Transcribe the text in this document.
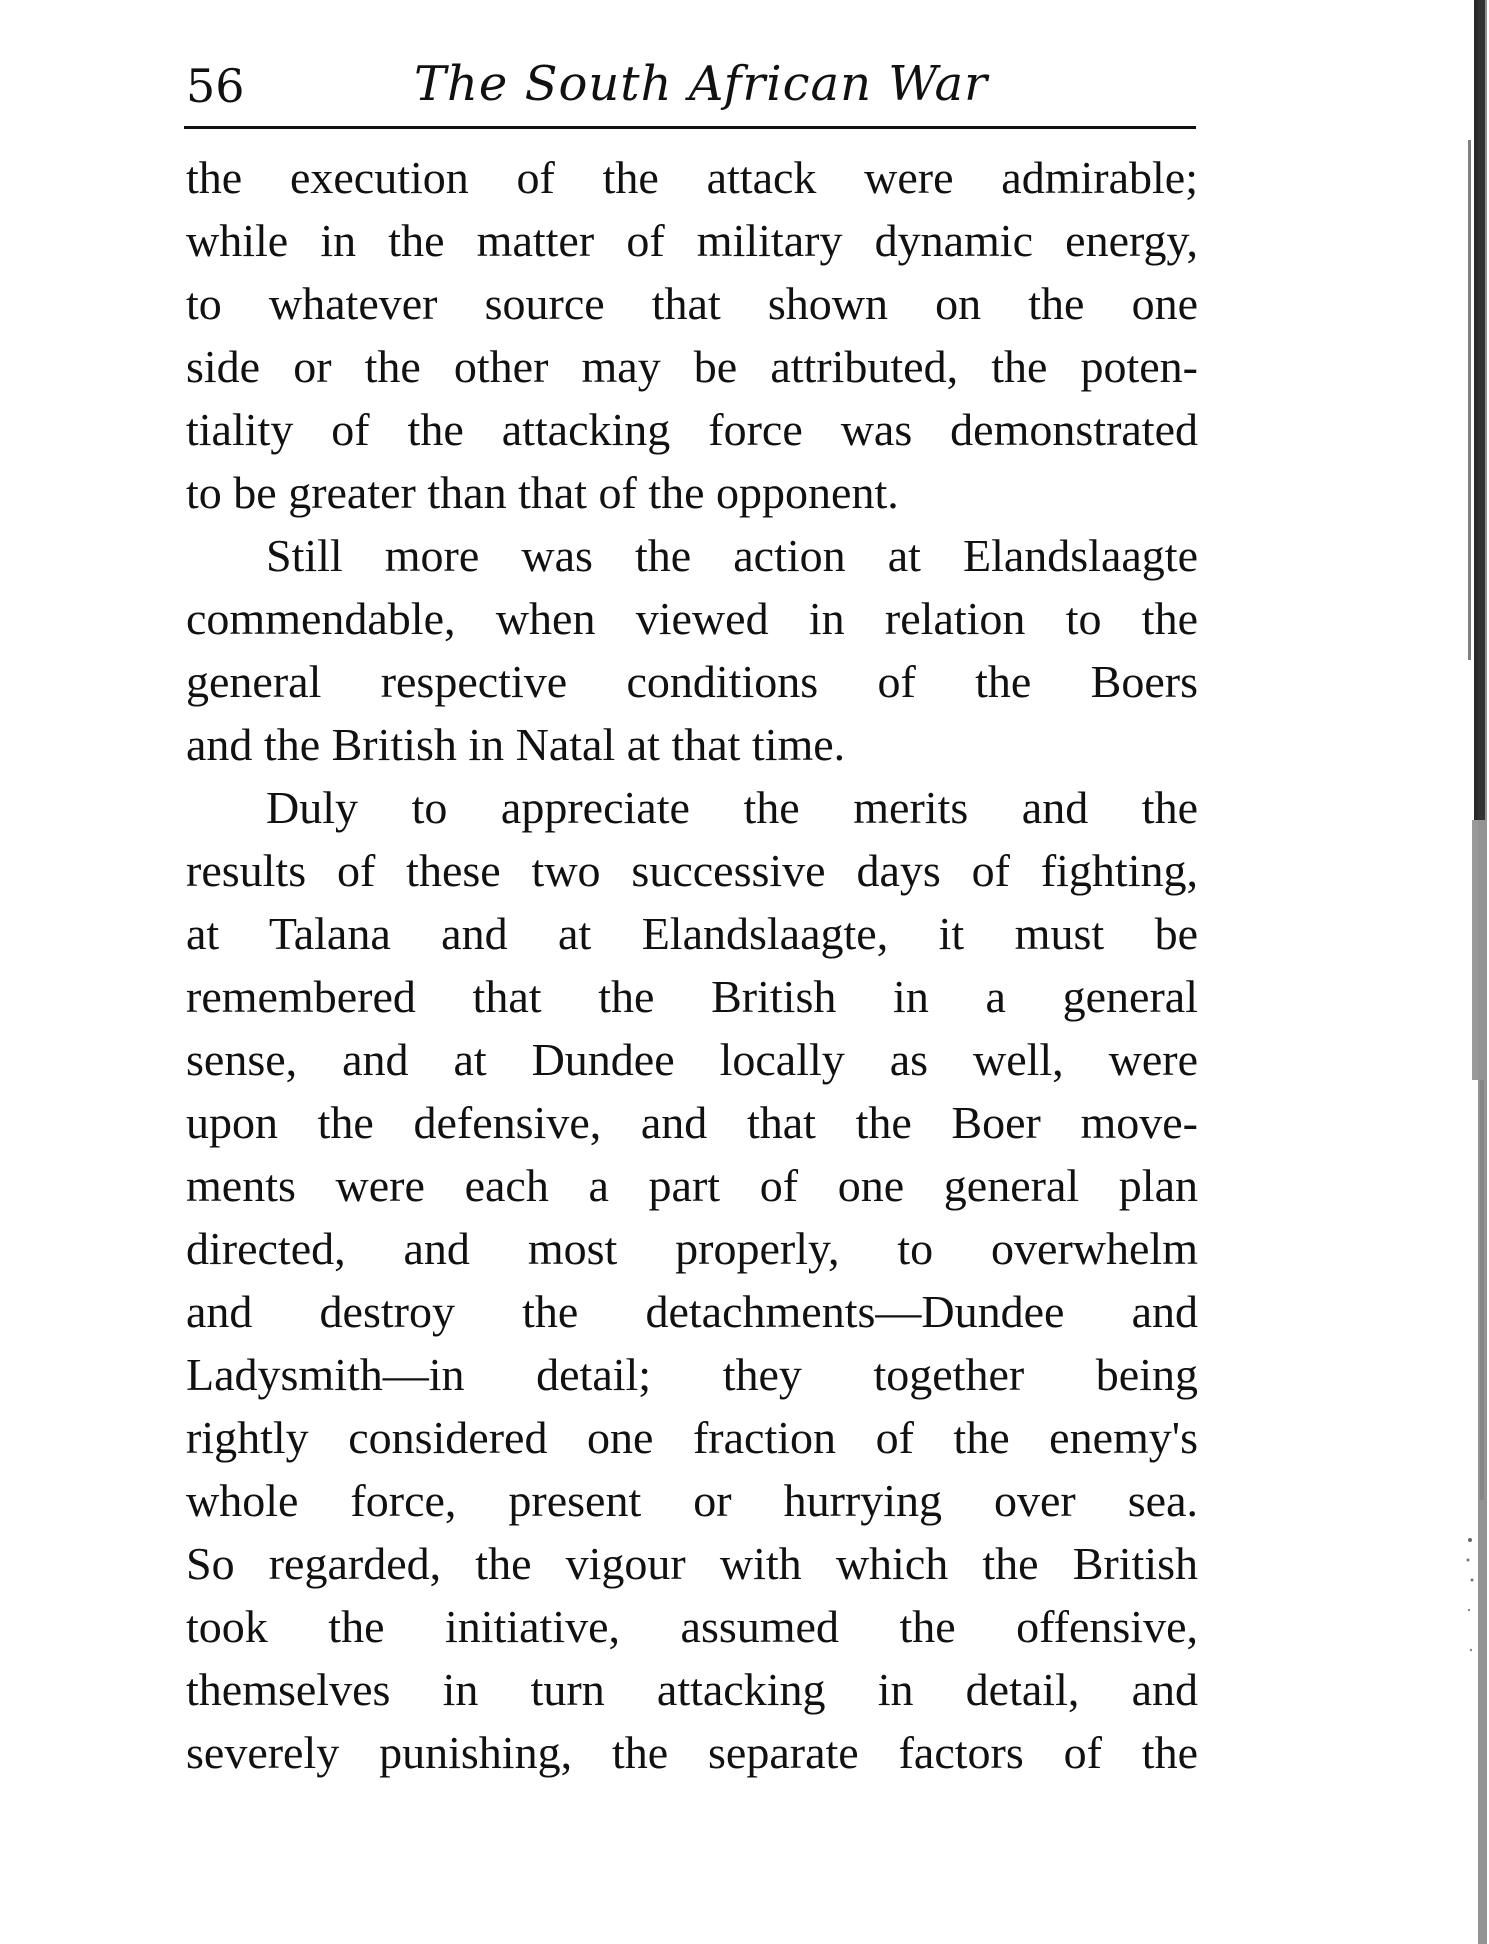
56	The South African War
the execution of the attack were admirable;
while in the matter of military dynamic energy,
to whatever source that shown on the one
side or the other may be attributed, the poten-
tiality of the attacking force was demonstrated
to be greater than that of the opponent.
Still more was the action at Elandslaagte
commendable, when viewed in relation to the
general respective conditions of the Boers
and the British in Natal at that time.
Duly to appreciate the merits and the
results of these two successive days of fighting,
at Talana and at Elandslaagte, it must be
remembered that the British in a general
sense, and at Dundee locally as well, were
upon the defensive, and that the Boer move-
ments were each a part of one general plan
directed, and most properly, to overwhelm
and destroy the detachments—Dundee and
Ladysmith—in detail; they together being
rightly considered one fraction of the enemy's
whole force, present or hurrying over sea.
So regarded, the vigour with which the British
took the initiative, assumed the offensive,
themselves in turn attacking in detail, and
severely punishing, the separate factors of the
